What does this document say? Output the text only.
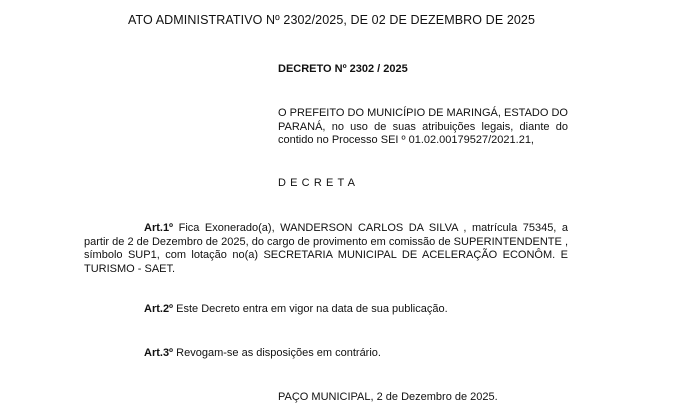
ATO ADMINISTRATIVO Nº 2302/2025, DE 02 DE DEZEMBRO DE 2025
DECRETO Nº 2302 / 2025
O PREFEITO DO MUNICÍPIO DE MARINGÁ, ESTADO DO PARANÁ, no uso de suas atribuições legais, diante do contido no Processo SEI º 01.02.00179527/2021.21,
DECRETA
Art.1º Fica Exonerado(a), WANDERSON CARLOS DA SILVA , matrícula 75345, a partir de 2 de Dezembro de 2025, do cargo de provimento em comissão de SUPERINTENDENTE , símbolo SUP1, com lotação no(a) SECRETARIA MUNICIPAL DE ACELERAÇÃO ECONÔM. E TURISMO - SAET.
Art.2º Este Decreto entra em vigor na data de sua publicação.
Art.3º Revogam-se as disposições em contrário.
PAÇO MUNICIPAL, 2 de Dezembro de 2025.
